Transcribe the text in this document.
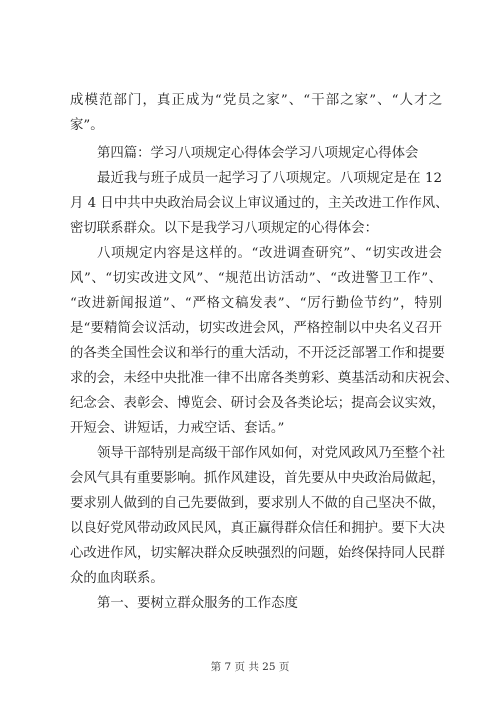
成模范部门，真正成为“党员之家”、“干部之家”、“人才之
家”。
第四篇：学习八项规定心得体会学习八项规定心得体会
最近我与班子成员一起学习了八项规定。八项规定是在 12
月 4 日中共中央政治局会议上审议通过的，主关改进工作作风、
密切联系群众。以下是我学习八项规定的心得体会：
八项规定内容是这样的。“改进调查研究”、“切实改进会
风”、“切实改进文风”、“规范出访活动”、“改进警卫工作”、
“改进新闻报道”、“严格文稿发表”、“厉行勤俭节约”，特别
是“要精简会议活动，切实改进会风，严格控制以中央名义召开
的各类全国性会议和举行的重大活动，不开泛泛部署工作和提要
求的会，未经中央批准一律不出席各类剪彩、奠基活动和庆祝会、
纪念会、表彰会、博览会、研讨会及各类论坛；提高会议实效，
开短会、讲短话，力戒空话、套话。”
领导干部特别是高级干部作风如何，对党风政风乃至整个社
会风气具有重要影响。抓作风建设，首先要从中央政治局做起，
要求别人做到的自己先要做到，要求别人不做的自己坚决不做，
以良好党风带动政风民风，真正赢得群众信任和拥护。要下大决
心改进作风，切实解决群众反映强烈的问题，始终保持同人民群
众的血肉联系。
第一、要树立群众服务的工作态度
第 7 页 共 25 页
